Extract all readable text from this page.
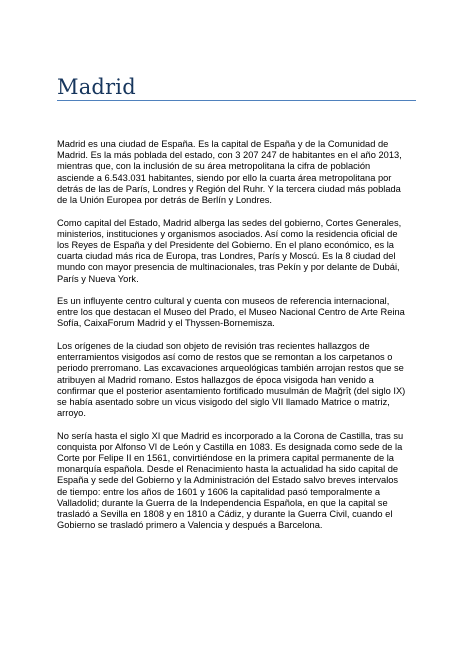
Madrid

Madrid es una ciudad de España. Es la capital de España y de la Comunidad de
Madrid. Es la más poblada del estado, con 3 207 247 de habitantes en el año 2013,
mientras que, con la inclusión de su área metropolitana la cifra de población
asciende a 6.543.031 habitantes, siendo por ello la cuarta área metropolitana por
detrás de las de París, Londres y Región del Ruhr. Y la tercera ciudad más poblada
de la Unión Europea por detrás de Berlín y Londres.

Como capital del Estado, Madrid alberga las sedes del gobierno, Cortes Generales,
ministerios, instituciones y organismos asociados. Así como la residencia oficial de
los Reyes de España y del Presidente del Gobierno. En el plano económico, es la
cuarta ciudad más rica de Europa, tras Londres, París y Moscú. Es la 8 ciudad del
mundo con mayor presencia de multinacionales, tras Pekín y por delante de Dubái,
París y Nueva York.

Es un influyente centro cultural y cuenta con museos de referencia internacional,
entre los que destacan el Museo del Prado, el Museo Nacional Centro de Arte Reina
Sofía, CaixaForum Madrid y el Thyssen-Bornemisza.

Los orígenes de la ciudad son objeto de revisión tras recientes hallazgos de
enterramientos visigodos así como de restos que se remontan a los carpetanos o
periodo prerromano. Las excavaciones arqueológicas también arrojan restos que se
atribuyen al Madrid romano. Estos hallazgos de época visigoda han venido a
confirmar que el posterior asentamiento fortificado musulmán de Maǧrīṭ (del siglo IX)
se había asentado sobre un vicus visigodo del siglo VII llamado Matrice o matriz,
arroyo.

No sería hasta el siglo XI que Madrid es incorporado a la Corona de Castilla, tras su
conquista por Alfonso VI de León y Castilla en 1083. Es designada como sede de la
Corte por Felipe II en 1561, convirtiéndose en la primera capital permanente de la
monarquía española. Desde el Renacimiento hasta la actualidad ha sido capital de
España y sede del Gobierno y la Administración del Estado salvo breves intervalos
de tiempo: entre los años de 1601 y 1606 la capitalidad pasó temporalmente a
Valladolid; durante la Guerra de la Independencia Española, en que la capital se
trasladó a Sevilla en 1808 y en 1810 a Cádiz, y durante la Guerra Civil, cuando el
Gobierno se trasladó primero a Valencia y después a Barcelona.
